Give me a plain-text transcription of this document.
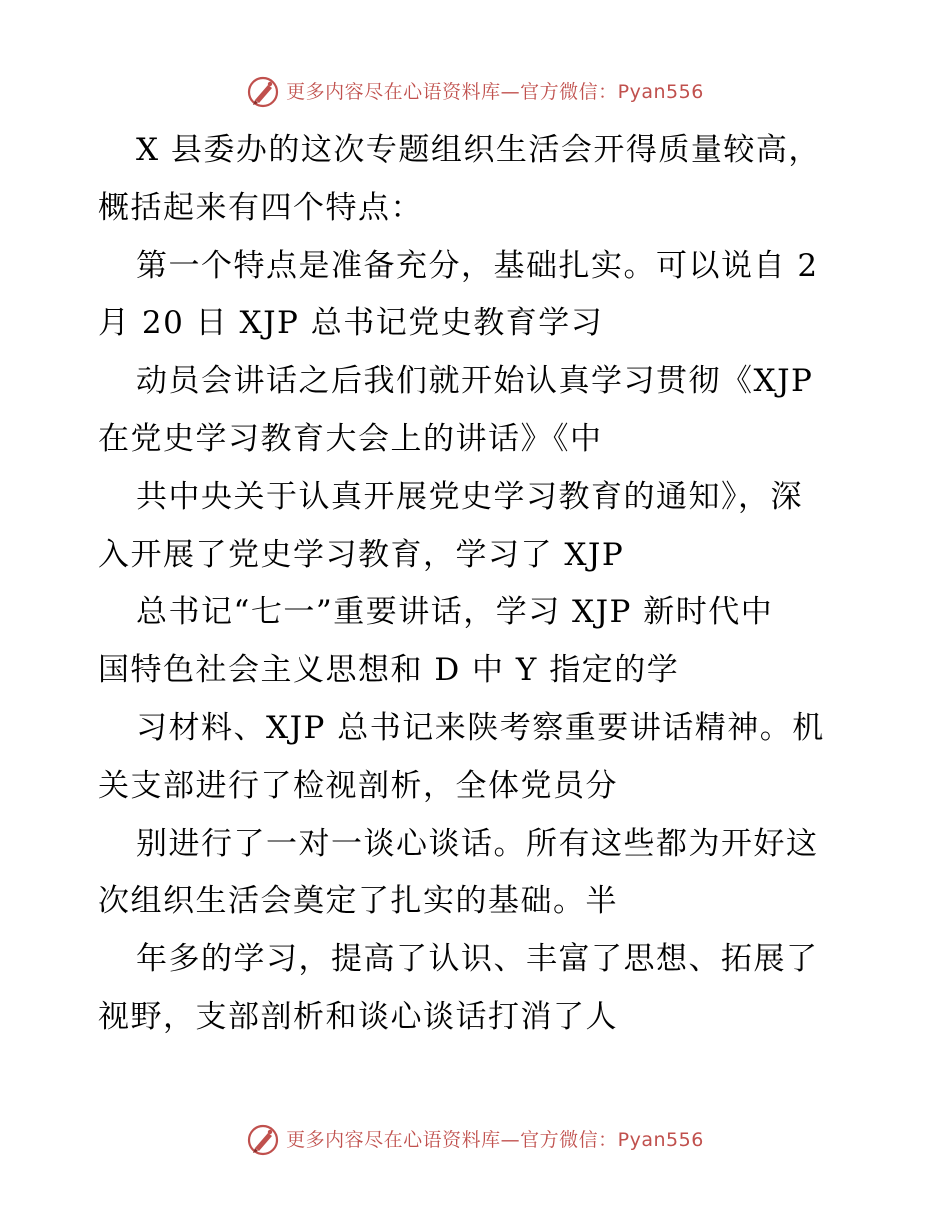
更多内容尽在心语资料库—官方微信：Pyan556
X 县委办的这次专题组织生活会开得质量较高，
概括起来有四个特点：
第一个特点是准备充分，基础扎实。可以说自 2
月 20 日 XJP 总书记党史教育学习
动员会讲话之后我们就开始认真学习贯彻《XJP
在党史学习教育大会上的讲话》《中
共中央关于认真开展党史学习教育的通知》，深
入开展了党史学习教育，学习了 XJP
总书记“七一”重要讲话，学习 XJP 新时代中
国特色社会主义思想和 D 中 Y 指定的学
习材料、XJP 总书记来陕考察重要讲话精神。机
关支部进行了检视剖析，全体党员分
别进行了一对一谈心谈话。所有这些都为开好这
次组织生活会奠定了扎实的基础。半
年多的学习，提高了认识、丰富了思想、拓展了
视野，支部剖析和谈心谈话打消了人
更多内容尽在心语资料库—官方微信：Pyan556
